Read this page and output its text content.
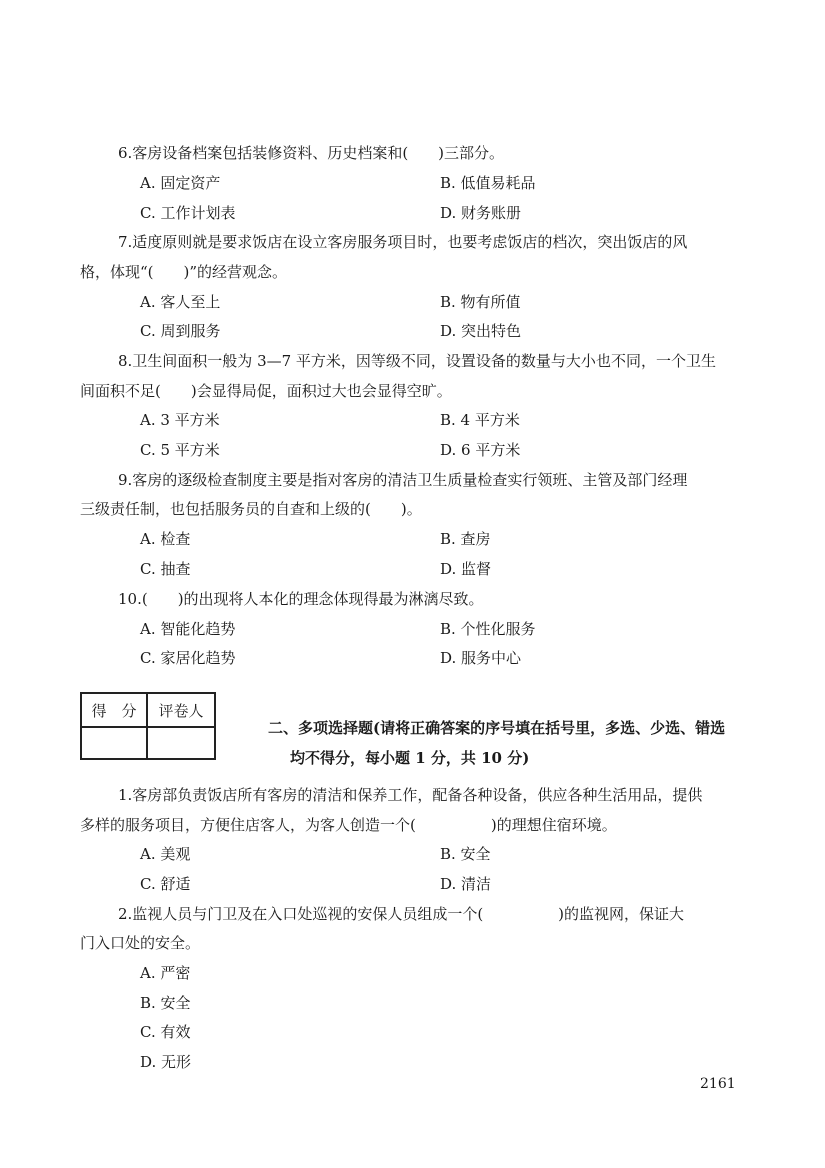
6.客房设备档案包括装修资料、历史档案和(　　)三部分。
A. 固定资产	B. 低值易耗品
C. 工作计划表	D. 财务账册
7.适度原则就是要求饭店在设立客房服务项目时，也要考虑饭店的档次，突出饭店的风
格，体现“(　　)”的经营观念。
A. 客人至上	B. 物有所值
C. 周到服务	D. 突出特色
8.卫生间面积一般为 3—7 平方米，因等级不同，设置设备的数量与大小也不同，一个卫生
间面积不足(　　)会显得局促，面积过大也会显得空旷。
A. 3 平方米	B. 4 平方米
C. 5 平方米	D. 6 平方米
9.客房的逐级检查制度主要是指对客房的清洁卫生质量检查实行领班、主管及部门经理
三级责任制，也包括服务员的自查和上级的(　　)。
A. 检查	B. 查房
C. 抽查	D. 监督
10.(　　)的出现将人本化的理念体现得最为淋漓尽致。
A. 智能化趋势	B. 个性化服务
C. 家居化趋势	D. 服务中心
得　分	评卷人

二、多项选择题(请将正确答案的序号填在括号里，多选、少选、错选
均不得分，每小题 1 分，共 10 分)
1.客房部负责饭店所有客房的清洁和保养工作，配备各种设备，供应各种生活用品，提供
多样的服务项目，方便住店客人，为客人创造一个(　　　　　)的理想住宿环境。
A. 美观	B. 安全
C. 舒适	D. 清洁
2.监视人员与门卫及在入口处巡视的安保人员组成一个(　　　　　)的监视网，保证大
门入口处的安全。
A. 严密
B. 安全
C. 有效
D. 无形
2161
